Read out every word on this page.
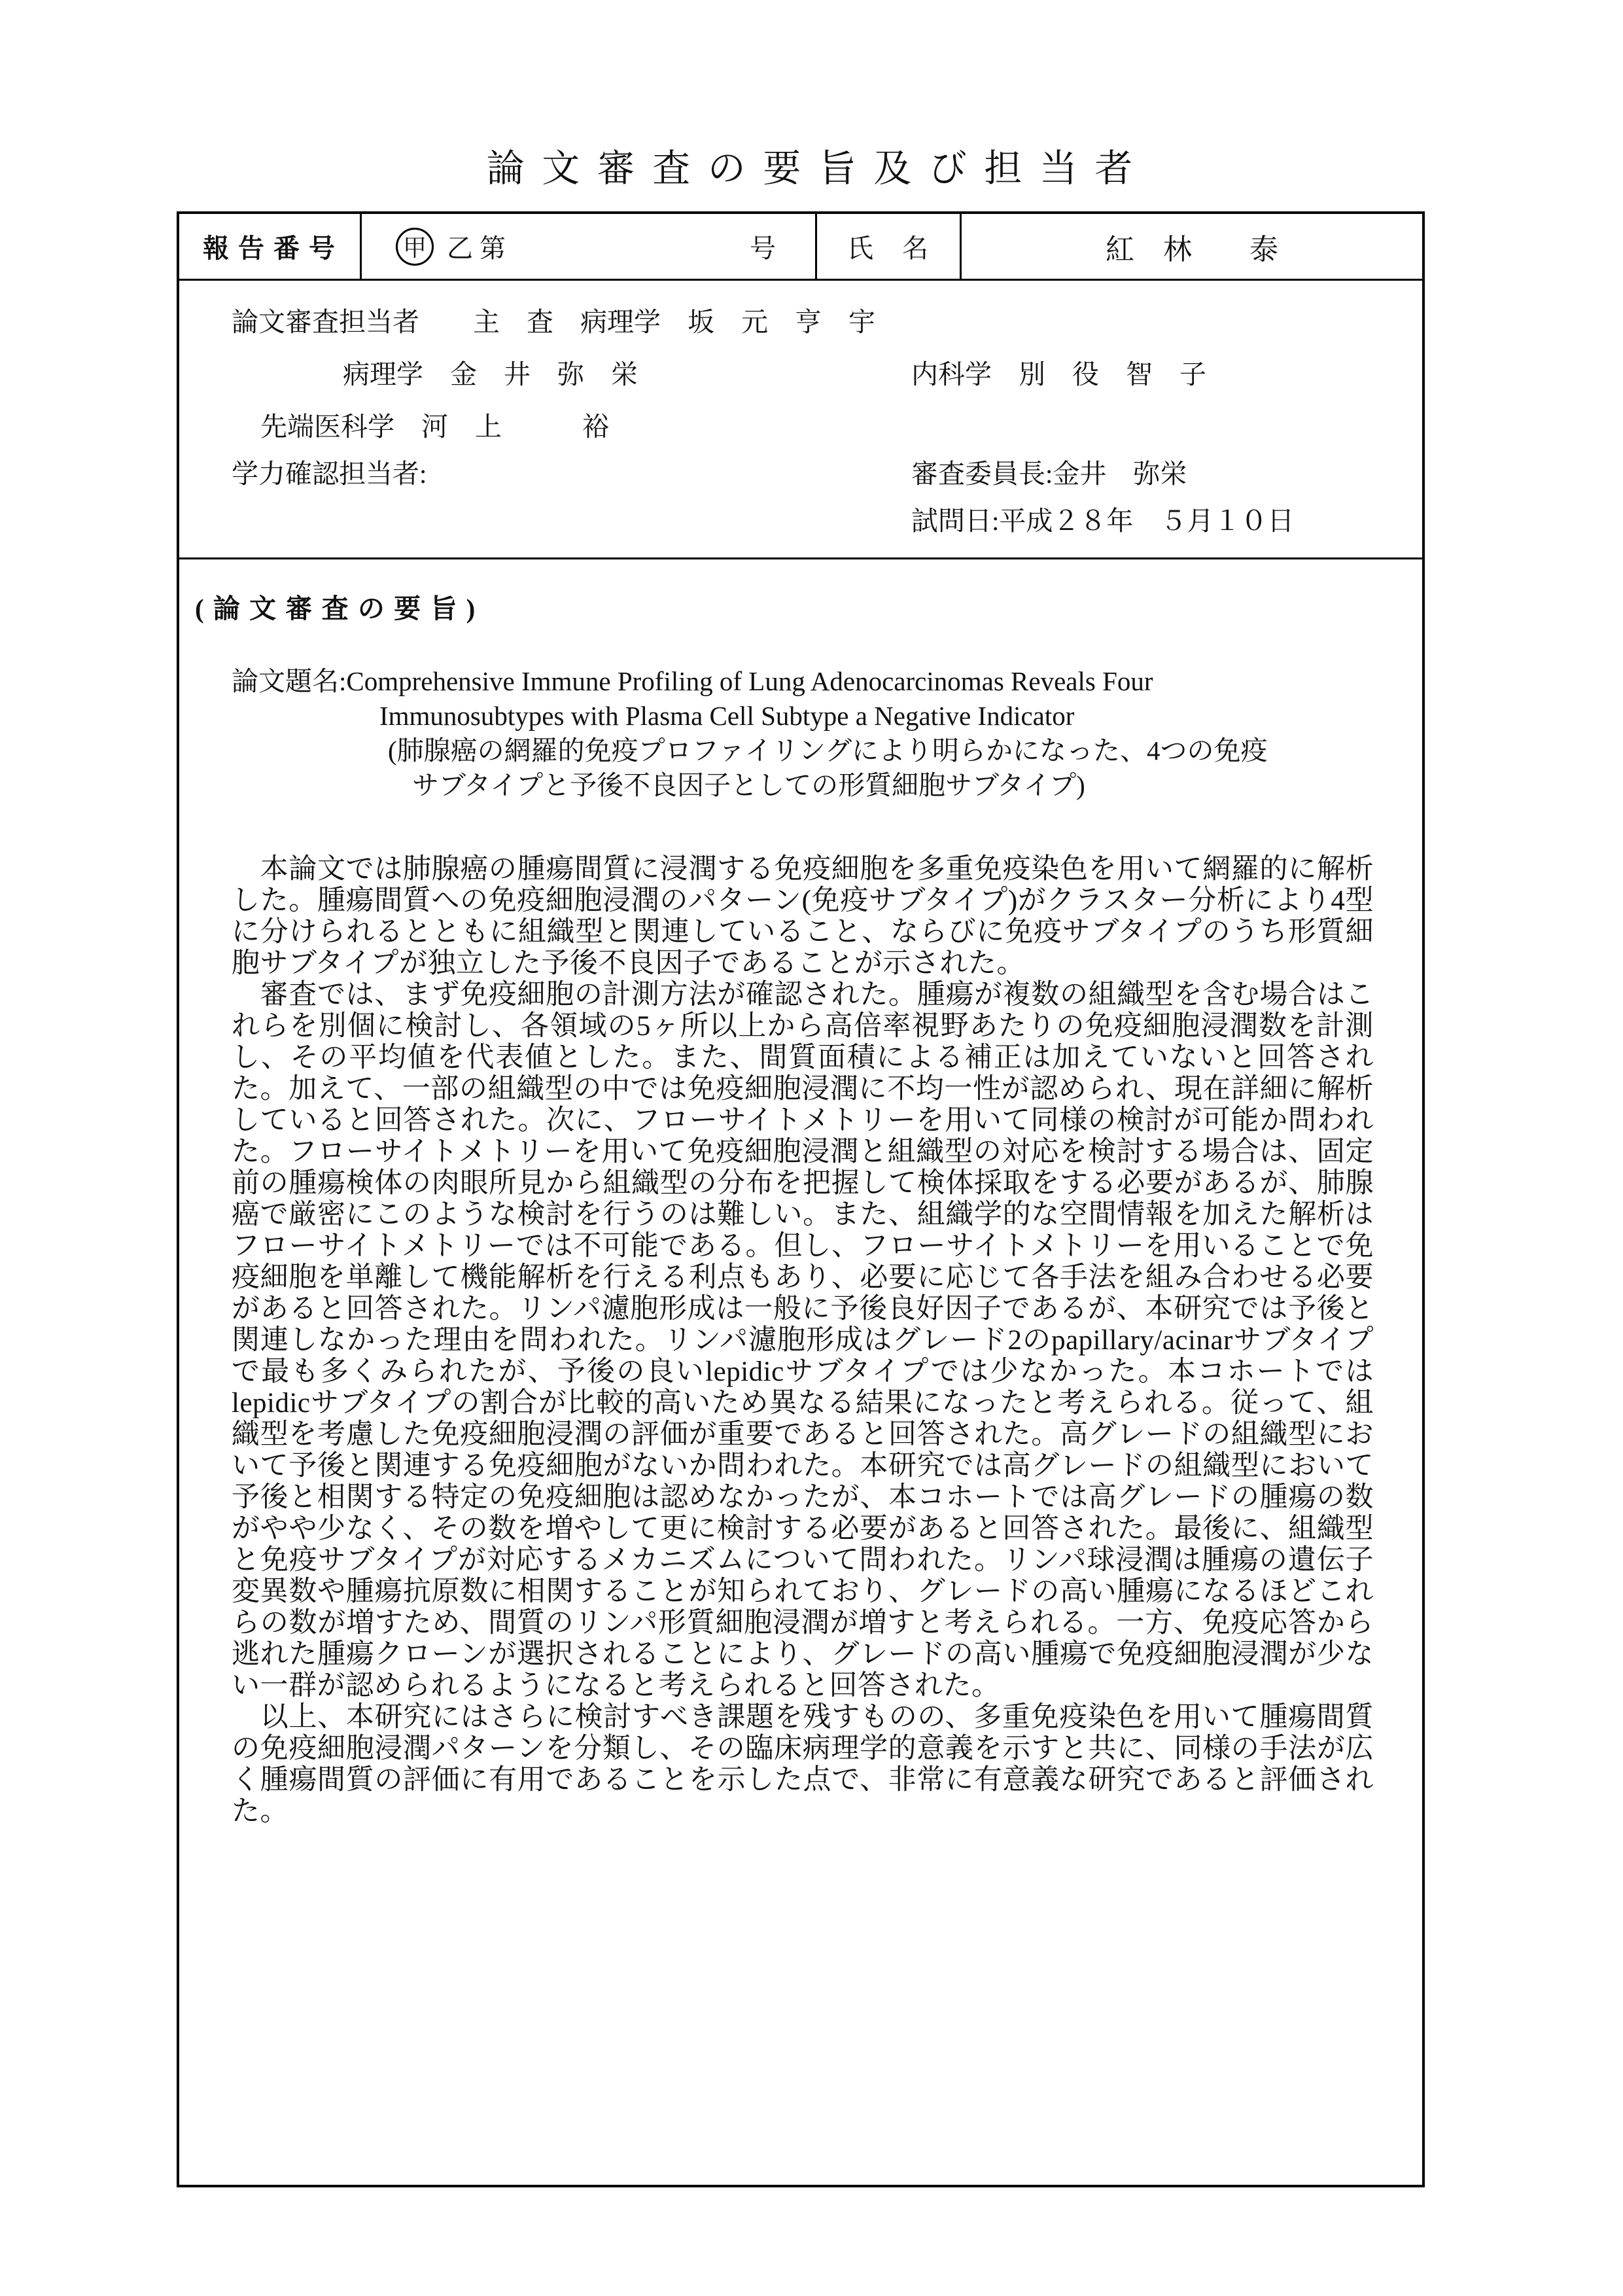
論 文 審 査 の 要 旨 及 び 担 当 者
報 告 番 号	甲 乙 第	号	氏　名	紅　林　　泰
論文審査担当者　　主　査　病理学　坂　元　亨　宇
病理学　金　井　弥　栄	内科学　別　役　智　子
先端医科学　河　上　　　裕
学力確認担当者:	審査委員長:金井　弥栄
試問日:平成２８年　５月１０日
( 論 文 審 査 の 要 旨 )
論文題名:Comprehensive Immune Profiling of Lung Adenocarcinomas Reveals Four
Immunosubtypes with Plasma Cell Subtype a Negative Indicator
(肺腺癌の網羅的免疫プロファイリングにより明らかになった、4つの免疫
サブタイプと予後不良因子としての形質細胞サブタイプ)

　本論文では肺腺癌の腫瘍間質に浸潤する免疫細胞を多重免疫染色を用いて網羅的に解析した。腫瘍間質への免疫細胞浸潤のパターン(免疫サブタイプ)がクラスター分析により4型に分けられるとともに組織型と関連していること、ならびに免疫サブタイプのうち形質細胞サブタイプが独立した予後不良因子であることが示された。

　審査では、まず免疫細胞の計測方法が確認された。腫瘍が複数の組織型を含む場合はこれらを別個に検討し、各領域の5ヶ所以上から高倍率視野あたりの免疫細胞浸潤数を計測し、その平均値を代表値とした。また、間質面積による補正は加えていないと回答された。加えて、一部の組織型の中では免疫細胞浸潤に不均一性が認められ、現在詳細に解析していると回答された。次に、フローサイトメトリーを用いて同様の検討が可能か問われた。フローサイトメトリーを用いて免疫細胞浸潤と組織型の対応を検討する場合は、固定前の腫瘍検体の肉眼所見から組織型の分布を把握して検体採取をする必要があるが、肺腺癌で厳密にこのような検討を行うのは難しい。また、組織学的な空間情報を加えた解析はフローサイトメトリーでは不可能である。但し、フローサイトメトリーを用いることで免疫細胞を単離して機能解析を行える利点もあり、必要に応じて各手法を組み合わせる必要があると回答された。リンパ濾胞形成は一般に予後良好因子であるが、本研究では予後と関連しなかった理由を問われた。リンパ濾胞形成はグレード2のpapillary/acinarサブタイプで最も多くみられたが、予後の良いlepidicサブタイプでは少なかった。本コホートではlepidicサブタイプの割合が比較的高いため異なる結果になったと考えられる。従って、組織型を考慮した免疫細胞浸潤の評価が重要であると回答された。高グレードの組織型において予後と関連する免疫細胞がないか問われた。本研究では高グレードの組織型において予後と相関する特定の免疫細胞は認めなかったが、本コホートでは高グレードの腫瘍の数がやや少なく、その数を増やして更に検討する必要があると回答された。最後に、組織型と免疫サブタイプが対応するメカニズムについて問われた。リンパ球浸潤は腫瘍の遺伝子変異数や腫瘍抗原数に相関することが知られており、グレードの高い腫瘍になるほどこれらの数が増すため、間質のリンパ形質細胞浸潤が増すと考えられる。一方、免疫応答から逃れた腫瘍クローンが選択されることにより、グレードの高い腫瘍で免疫細胞浸潤が少ない一群が認められるようになると考えられると回答された。

　以上、本研究にはさらに検討すべき課題を残すものの、多重免疫染色を用いて腫瘍間質の免疫細胞浸潤パターンを分類し、その臨床病理学的意義を示すと共に、同様の手法が広く腫瘍間質の評価に有用であることを示した点で、非常に有意義な研究であると評価された。
